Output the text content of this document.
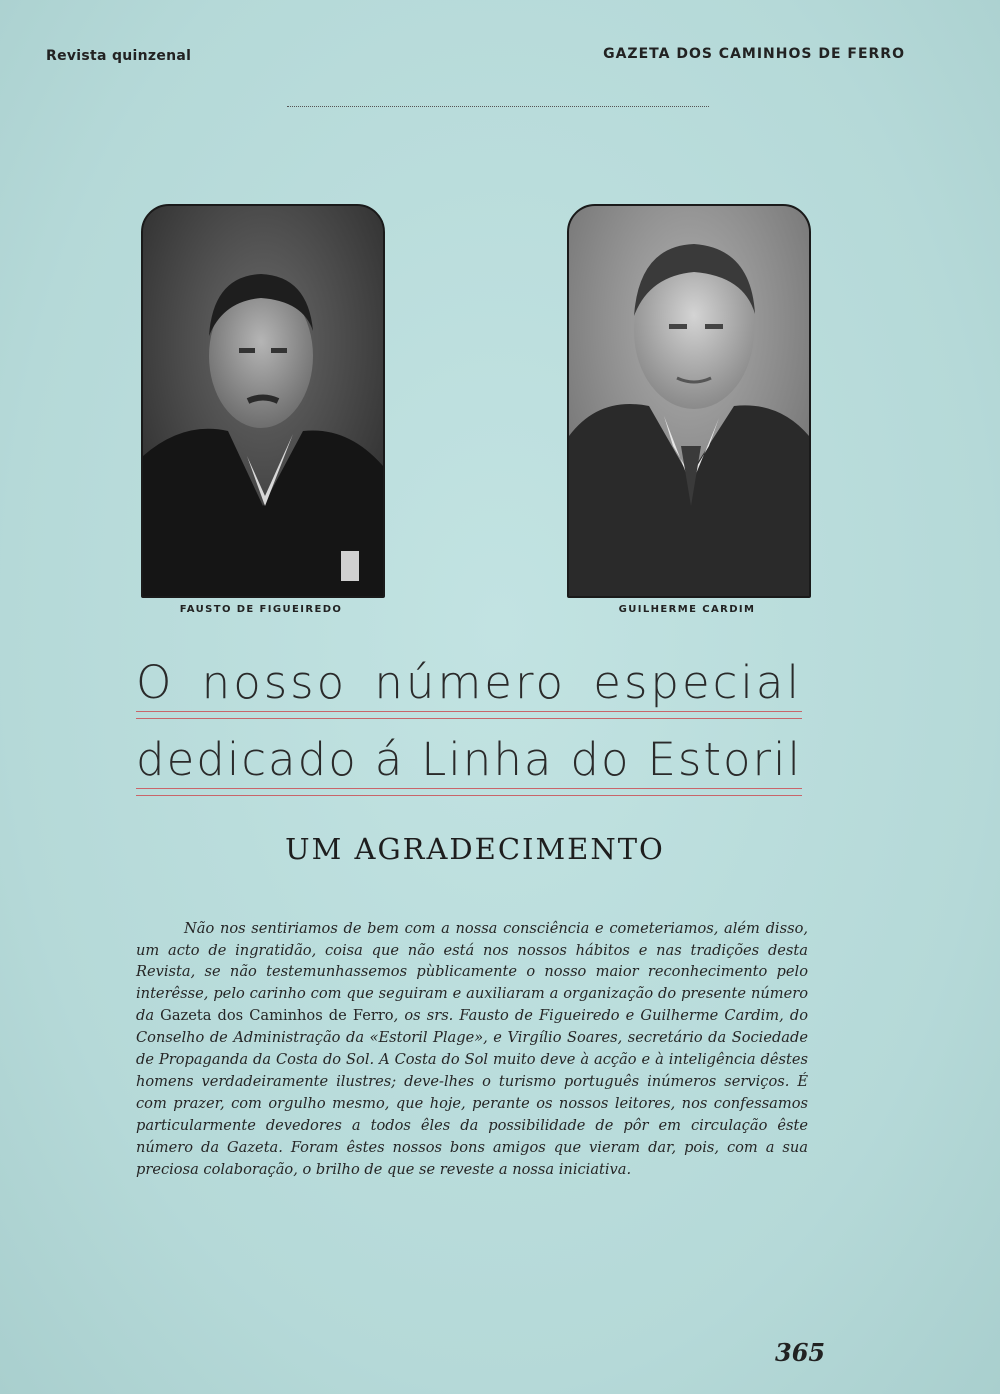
Revista quinzenal	GAZETA DOS CAMINHOS DE FERRO
FAUSTO DE FIGUEIREDO	GUILHERME CARDIM
O nosso número especial
dedicado á Linha do Estoril
UM AGRADECIMENTO

Não nos sentiriamos de bem com a nossa consciência e cometeriamos, além disso, um acto de ingratidão, coisa que não está nos nossos hábitos e nas tradições desta Revista, se não testemunhassemos pùblicamente o nosso maior reconhecimento pelo interêsse, pelo carinho com que seguiram e auxiliaram a organização do presente número da Gazeta dos Caminhos de Ferro, os srs. Fausto de Figueiredo e Guilherme Cardim, do Conselho de Administração da «Estoril Plage», e Virgílio Soares, secretário da Sociedade de Propaganda da Costa do Sol. A Costa do Sol muito deve à acção e à inteligência dêstes homens verdadeiramente ilustres; deve-lhes o turismo português inúmeros serviços. É com prazer, com orgulho mesmo, que hoje, perante os nossos leitores, nos confessamos particularmente devedores a todos êles da possibilidade de pôr em circulação êste número da Gazeta. Foram êstes nossos bons amigos que vieram dar, pois, com a sua preciosa colaboração, o brilho de que se reveste a nossa iniciativa.

365
